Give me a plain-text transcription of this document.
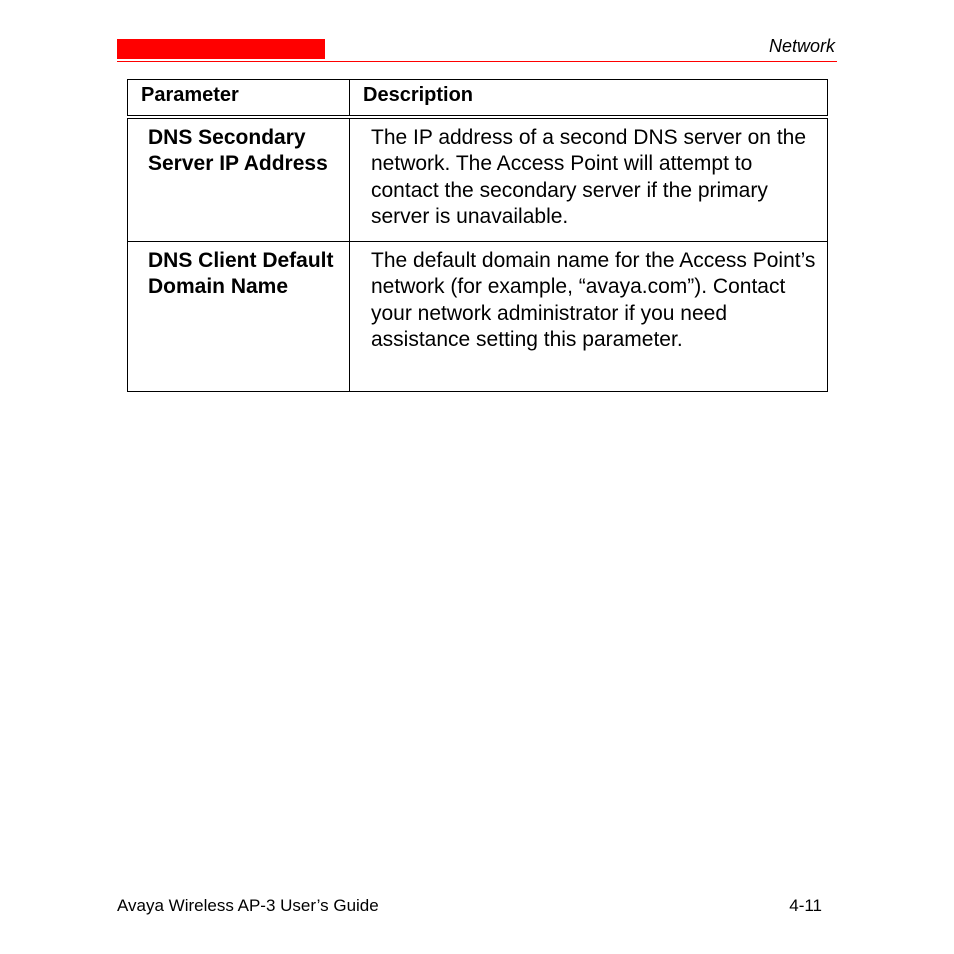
Network
Parameter	Description
DNS Secondary Server IP Address	The IP address of a second DNS server on the network. The Access Point will attempt to contact the secondary server if the primary server is unavailable.
DNS Client Default Domain Name	The default domain name for the Access Point’s network (for example, “avaya.com”). Contact your network administrator if you need assistance setting this parameter.
Avaya Wireless AP-3 User’s Guide	4-11
